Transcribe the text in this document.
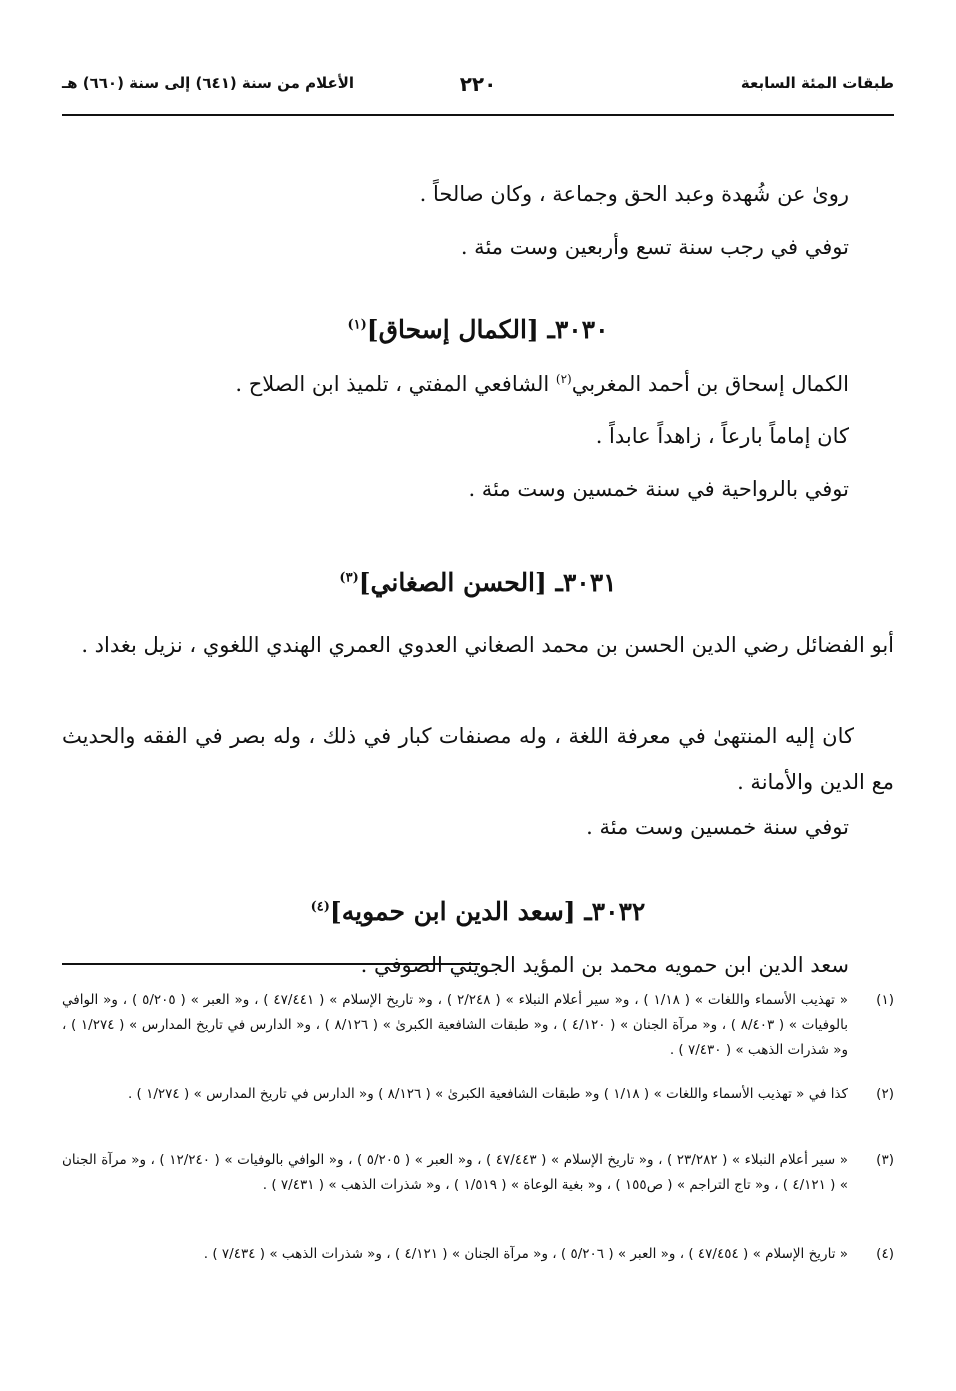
طبقات المئة السابعة
٢٢٠
الأعلام من سنة (٦٤١) إلى سنة (٦٦٠) هـ
روىٰ عن شُهدة وعبد الحق وجماعة ، وكان صالحاً .
توفي في رجب سنة تسع وأربعين وست مئة .
٣٠٣٠ـ [الكمال إسحاق]$^{(١)}$
الكمال إسحاق بن أحمد المغربي$^{(٢)}$ الشافعي المفتي ، تلميذ ابن الصلاح .
كان إماماً بارعاً ، زاهداً عابداً .
توفي بالرواحية في سنة خمسين وست مئة .
٣٠٣١ـ [الحسن الصغاني]$^{(٣)}$
أبو الفضائل رضي الدين الحسن بن محمد الصغاني العدوي العمري الهندي اللغوي ، نزيل بغداد .
كان إليه المنتهىٰ في معرفة اللغة ، وله مصنفات كبار في ذلك ، وله بصر في الفقه والحديث مع الدين والأمانة .
توفي سنة خمسين وست مئة .
٣٠٣٢ـ [سعد الدين ابن حمويه]$^{(٤)}$
سعد الدين ابن حمويه محمد بن المؤيد الجويني الصوفي .
(١)
« تهذيب الأسماء واللغات » ( ١/١٨ ) ، و« سير أعلام النبلاء » ( ٢/٢٤٨ ) ، و« تاريخ الإسلام » ( ٤٧/٤٤١ ) ، و« العبر » ( ٥/٢٠٥ ) ، و« الوافي بالوفيات » ( ٨/٤٠٣ ) ، و« مرآة الجنان » ( ٤/١٢٠ ) ، و« طبقات الشافعية الكبرىٰ » ( ٨/١٢٦ ) ، و« الدارس في تاريخ المدارس » ( ١/٢٧٤ ) ، و« شذرات الذهب » ( ٧/٤٣٠ ) .
(٢)
كذا في « تهذيب الأسماء واللغات » ( ١/١٨ ) و« طبقات الشافعية الكبرىٰ » ( ٨/١٢٦ ) و« الدارس في تاريخ المدارس » ( ١/٢٧٤ ) .
(٣)
« سير أعلام النبلاء » ( ٢٣/٢٨٢ ) ، و« تاريخ الإسلام » ( ٤٧/٤٤٣ ) ، و« العبر » ( ٥/٢٠٥ ) ، و« الوافي بالوفيات » ( ١٢/٢٤٠ ) ، و« مرآة الجنان » ( ٤/١٢١ ) ، و« تاج التراجم » ( ص١٥٥ ) ، و« بغية الوعاة » ( ١/٥١٩ ) ، و« شذرات الذهب » ( ٧/٤٣١ ) .
(٤)
« تاريخ الإسلام » ( ٤٧/٤٥٤ ) ، و« العبر » ( ٥/٢٠٦ ) ، و« مرآة الجنان » ( ٤/١٢١ ) ، و« شذرات الذهب » ( ٧/٤٣٤ ) .
